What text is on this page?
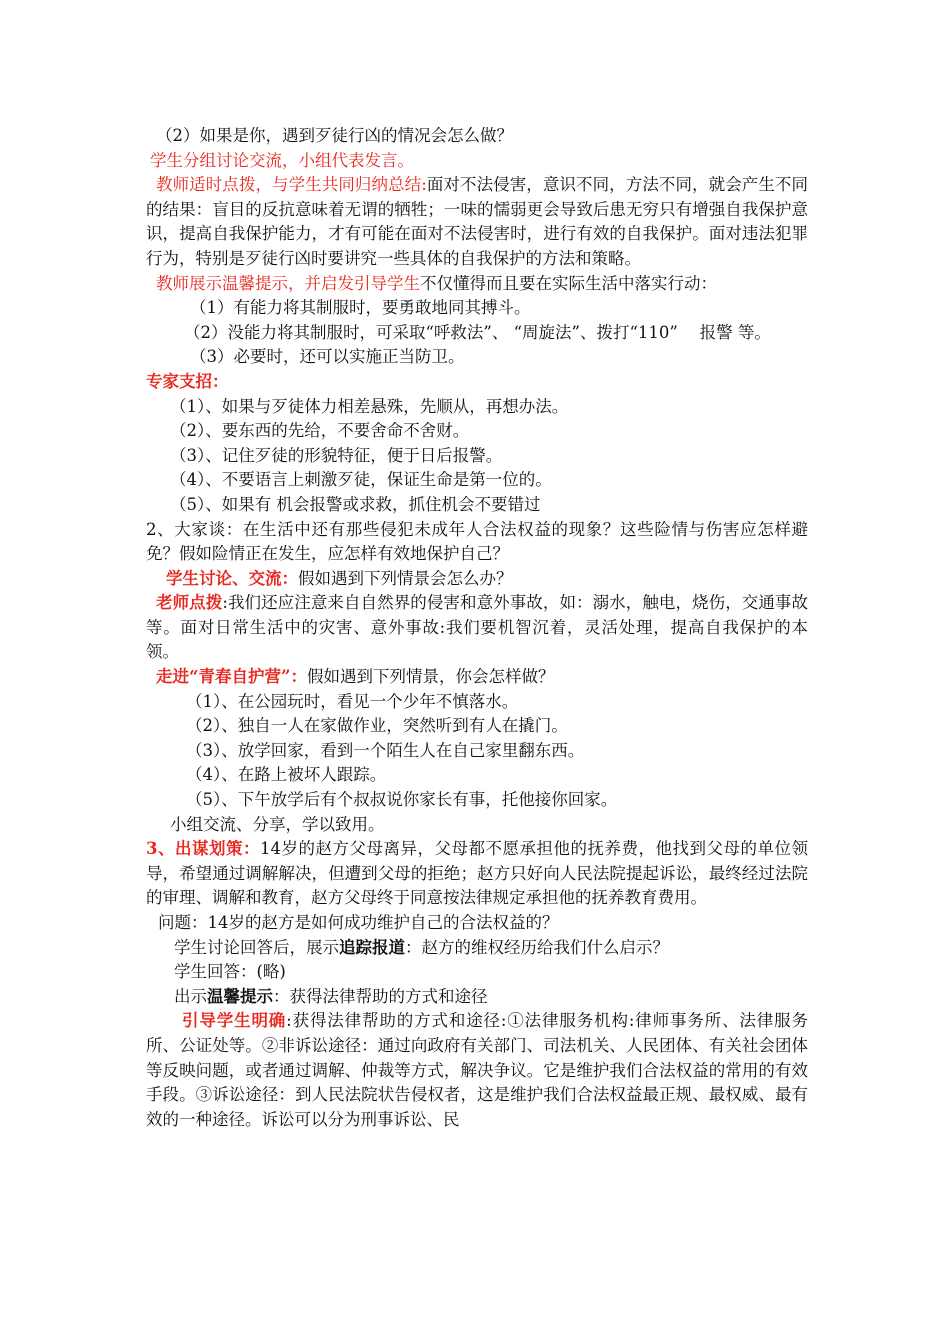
（2）如果是你，遇到歹徒行凶的情况会怎么做？

学生分组讨论交流，小组代表发言。

教师适时点拨，与学生共同归纳总结:面对不法侵害，意识不同，方法不同，就会产生不同的结果：盲目的反抗意味着无谓的牺牲；一味的懦弱更会导致后患无穷只有增强自我保护意识，提高自我保护能力，才有可能在面对不法侵害时，进行有效的自我保护。面对违法犯罪行为，特别是歹徒行凶时要讲究一些具体的自我保护的方法和策略。

教师展示温馨提示，并启发引导学生不仅懂得而且要在实际生活中落实行动：

（1）有能力将其制服时，要勇敢地同其搏斗。

（2）没能力将其制服时，可采取“呼救法”、 “周旋法”、拨打“110”　 报警 等。

（3）必要时，还可以实施正当防卫。

专家支招：

（1）、如果与歹徒体力相差悬殊，先顺从，再想办法。

（2）、要东西的先给，不要舍命不舍财。

（3）、记住歹徒的形貌特征，便于日后报警。

（4）、不要语言上刺激歹徒，保证生命是第一位的。

（5）、如果有 机会报警或求救，抓住机会不要错过

2、大家谈：在生活中还有那些侵犯未成年人合法权益的现象？这些险情与伤害应怎样避免？假如险情正在发生，应怎样有效地保护自己？

学生讨论、交流：假如遇到下列情景会怎么办？

老师点拨:我们还应注意来自自然界的侵害和意外事故，如：溺水，触电，烧伤，交通事故等。面对日常生活中的灾害、意外事故:我们要机智沉着，灵活处理，提高自我保护的本领。

走进“青春自护营”：假如遇到下列情景，你会怎样做？

（1）、在公园玩时，看见一个少年不慎落水。

（2）、独自一人在家做作业，突然听到有人在撬门。

（3）、放学回家，看到一个陌生人在自己家里翻东西。

（4）、在路上被坏人跟踪。

（5）、下午放学后有个叔叔说你家长有事，托他接你回家。

小组交流、分享，学以致用。

3、出谋划策：14岁的赵方父母离异，父母都不愿承担他的抚养费，他找到父母的单位领导，希望通过调解解决，但遭到父母的拒绝；赵方只好向人民法院提起诉讼，最终经过法院的审理、调解和教育，赵方父母终于同意按法律规定承担他的抚养教育费用。

问题：14岁的赵方是如何成功维护自己的合法权益的？

学生讨论回答后，展示追踪报道：赵方的维权经历给我们什么启示？

学生回答：(略)

出示温馨提示：获得法律帮助的方式和途径

引导学生明确:获得法律帮助的方式和途径:①法律服务机构:律师事务所、法律服务所、公证处等。②非诉讼途径：通过向政府有关部门、司法机关、人民团体、有关社会团体等反映问题，或者通过调解、仲裁等方式，解决争议。它是维护我们合法权益的常用的有效手段。③诉讼途径：到人民法院状告侵权者，这是维护我们合法权益最正规、最权威、最有效的一种途径。诉讼可以分为刑事诉讼、民
